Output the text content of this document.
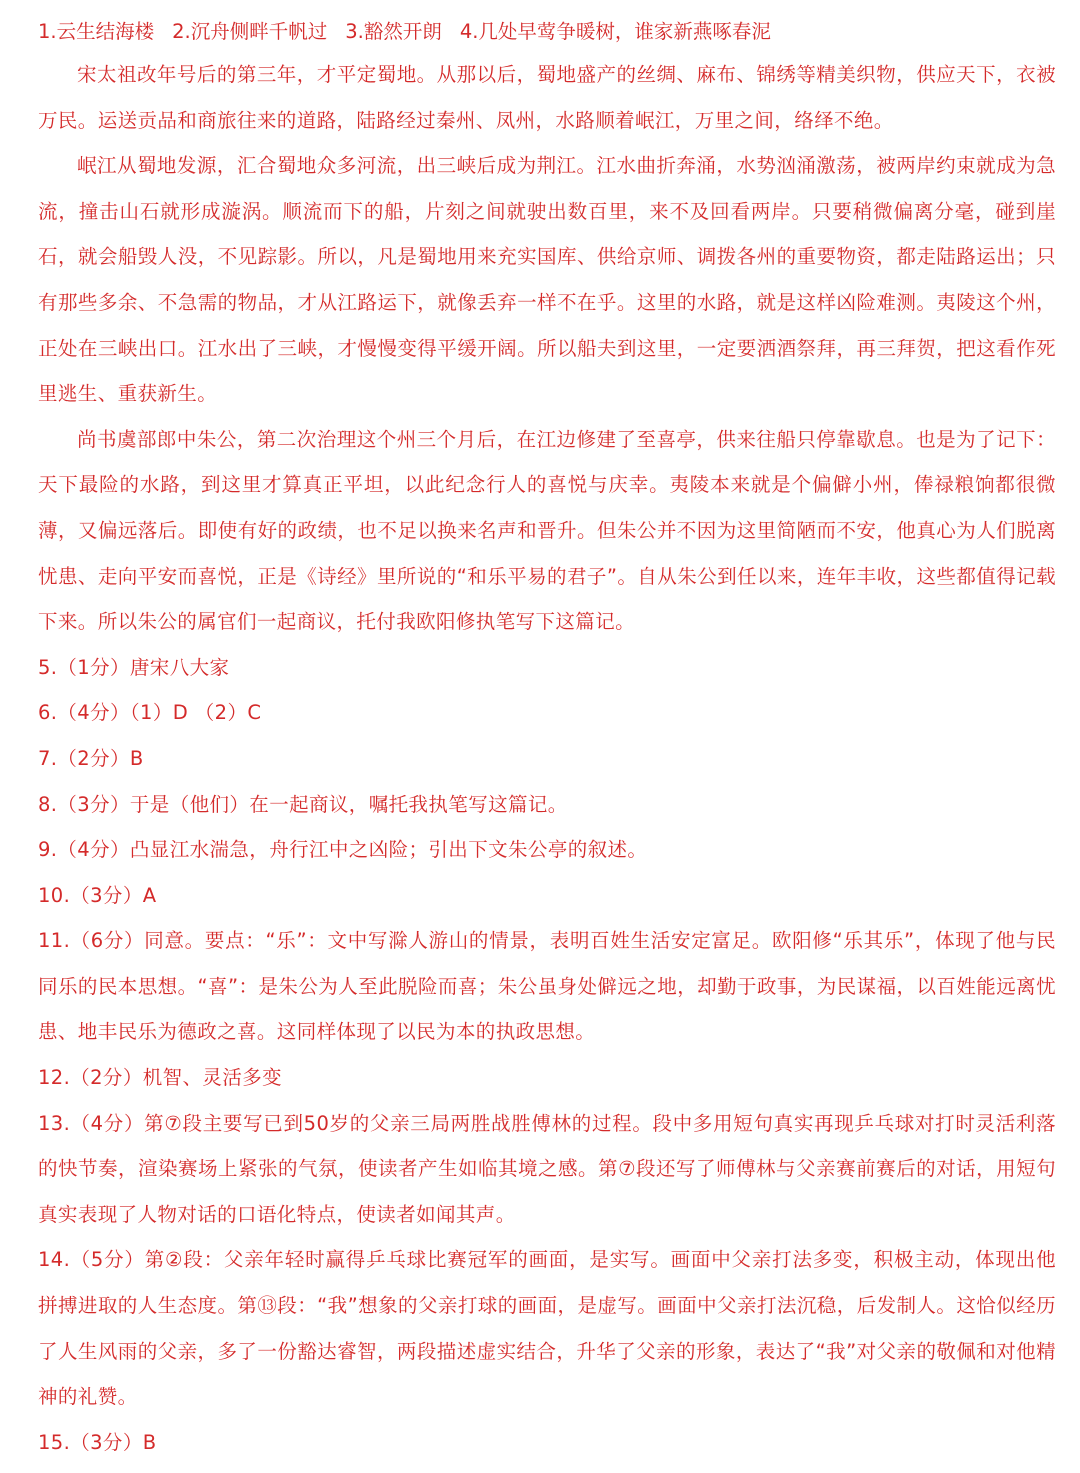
1.云生结海楼 2.沉舟侧畔千帆过 3.豁然开朗 4.几处早莺争暖树，谁家新燕啄春泥

宋太祖改年号后的第三年，才平定蜀地。从那以后，蜀地盛产的丝绸、麻布、锦绣等精美织物，供应天下，衣被万民。运送贡品和商旅往来的道路，陆路经过秦州、凤州，水路顺着岷江，万里之间，络绎不绝。

岷江从蜀地发源，汇合蜀地众多河流，出三峡后成为荆江。江水曲折奔涌，水势汹涌激荡，被两岸约束就成为急流，撞击山石就形成漩涡。顺流而下的船，片刻之间就驶出数百里，来不及回看两岸。只要稍微偏离分毫，碰到崖石，就会船毁人没，不见踪影。所以，凡是蜀地用来充实国库、供给京师、调拨各州的重要物资，都走陆路运出；只有那些多余、不急需的物品，才从江路运下，就像丢弃一样不在乎。这里的水路，就是这样凶险难测。夷陵这个州，正处在三峡出口。江水出了三峡，才慢慢变得平缓开阔。所以船夫到这里，一定要洒酒祭拜，再三拜贺，把这看作死里逃生、重获新生。

尚书虞部郎中朱公，第二次治理这个州三个月后，在江边修建了至喜亭，供来往船只停靠歇息。也是为了记下：天下最险的水路，到这里才算真正平坦，以此纪念行人的喜悦与庆幸。夷陵本来就是个偏僻小州，俸禄粮饷都很微薄，又偏远落后。即使有好的政绩，也不足以换来名声和晋升。但朱公并不因为这里简陋而不安，他真心为人们脱离忧患、走向平安而喜悦，正是《诗经》里所说的“和乐平易的君子”。自从朱公到任以来，连年丰收，这些都值得记载下来。所以朱公的属官们一起商议，托付我欧阳修执笔写下这篇记。

5.（1分）唐宋八大家

6.（4分）（1）D （2）C

7.（2分）B

8.（3分）于是（他们）在一起商议，嘱托我执笔写这篇记。

9.（4分）凸显江水湍急，舟行江中之凶险；引出下文朱公亭的叙述。

10.（3分）A

11.（6分）同意。要点：“乐”：文中写滁人游山的情景，表明百姓生活安定富足。欧阳修“乐其乐”，体现了他与民同乐的民本思想。“喜”：是朱公为人至此脱险而喜；朱公虽身处僻远之地，却勤于政事，为民谋福，以百姓能远离忧患、地丰民乐为德政之喜。这同样体现了以民为本的执政思想。

12.（2分）机智、灵活多变

13.（4分）第⑦段主要写已到50岁的父亲三局两胜战胜傅林的过程。段中多用短句真实再现乒乓球对打时灵活利落的快节奏，渲染赛场上紧张的气氛，使读者产生如临其境之感。第⑦段还写了师傅林与父亲赛前赛后的对话，用短句真实表现了人物对话的口语化特点，使读者如闻其声。

14.（5分）第②段：父亲年轻时赢得乒乓球比赛冠军的画面，是实写。画面中父亲打法多变，积极主动，体现出他拼搏进取的人生态度。第⑬段：“我”想象的父亲打球的画面，是虚写。画面中父亲打法沉稳，后发制人。这恰似经历了人生风雨的父亲，多了一份豁达睿智，两段描述虚实结合，升华了父亲的形象，表达了“我”对父亲的敬佩和对他精神的礼赞。

15.（3分）B
